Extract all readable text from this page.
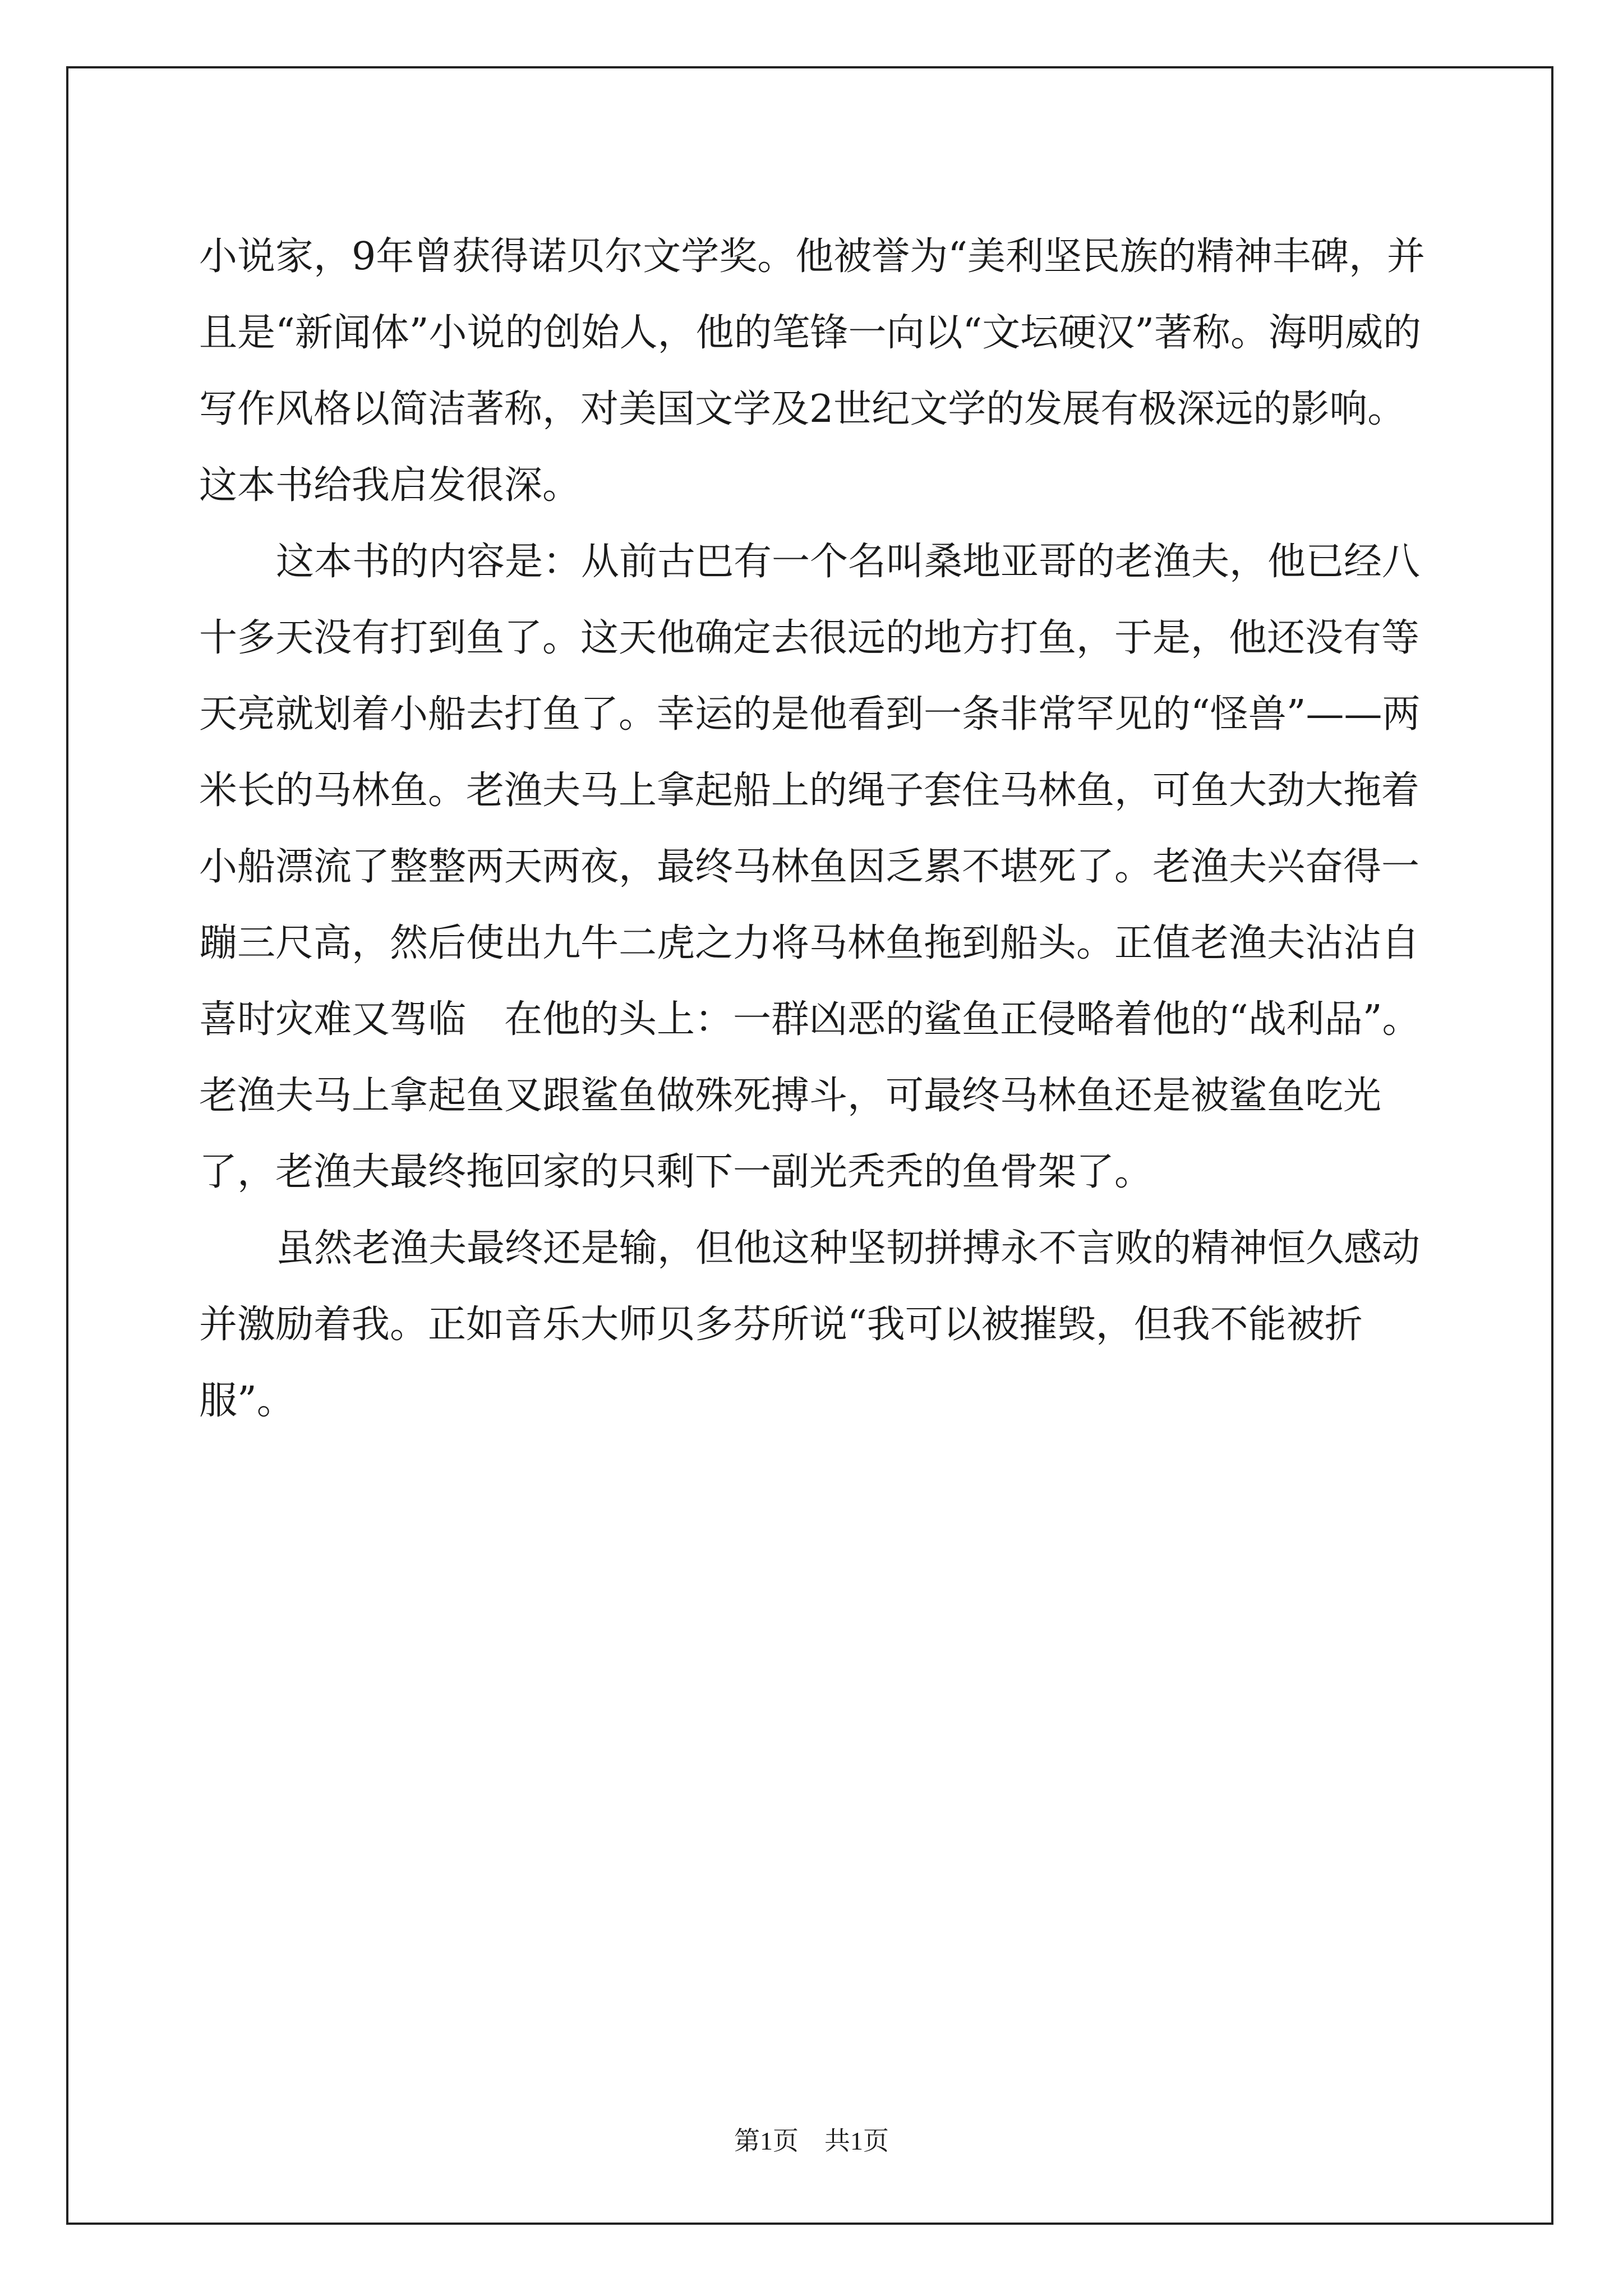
小说家，9年曾获得诺贝尔文学奖。他被誉为“美利坚民族的精神丰碑，并且是“新闻体”小说的创始人，他的笔锋一向以“文坛硬汉”著称。海明威的写作风格以简洁著称，对美国文学及2世纪文学的发展有极深远的影响。这本书给我启发很深。

这本书的内容是：从前古巴有一个名叫桑地亚哥的老渔夫，他已经八十多天没有打到鱼了。这天他确定去很远的地方打鱼，于是，他还没有等天亮就划着小船去打鱼了。幸运的是他看到一条非常罕见的“怪兽”——两米长的马林鱼。老渔夫马上拿起船上的绳子套住马林鱼，可鱼大劲大拖着小船漂流了整整两天两夜，最终马林鱼因乏累不堪死了。老渔夫兴奋得一蹦三尺高，然后使出九牛二虎之力将马林鱼拖到船头。正值老渔夫沾沾自喜时灾难又驾临　在他的头上：一群凶恶的鲨鱼正侵略着他的“战利品”。老渔夫马上拿起鱼叉跟鲨鱼做殊死搏斗，可最终马林鱼还是被鲨鱼吃光了，老渔夫最终拖回家的只剩下一副光秃秃的鱼骨架了。

虽然老渔夫最终还是输，但他这种坚韧拼搏永不言败的精神恒久感动并激励着我。正如音乐大师贝多芬所说“我可以被摧毁，但我不能被折服”。

第1页　共1页
